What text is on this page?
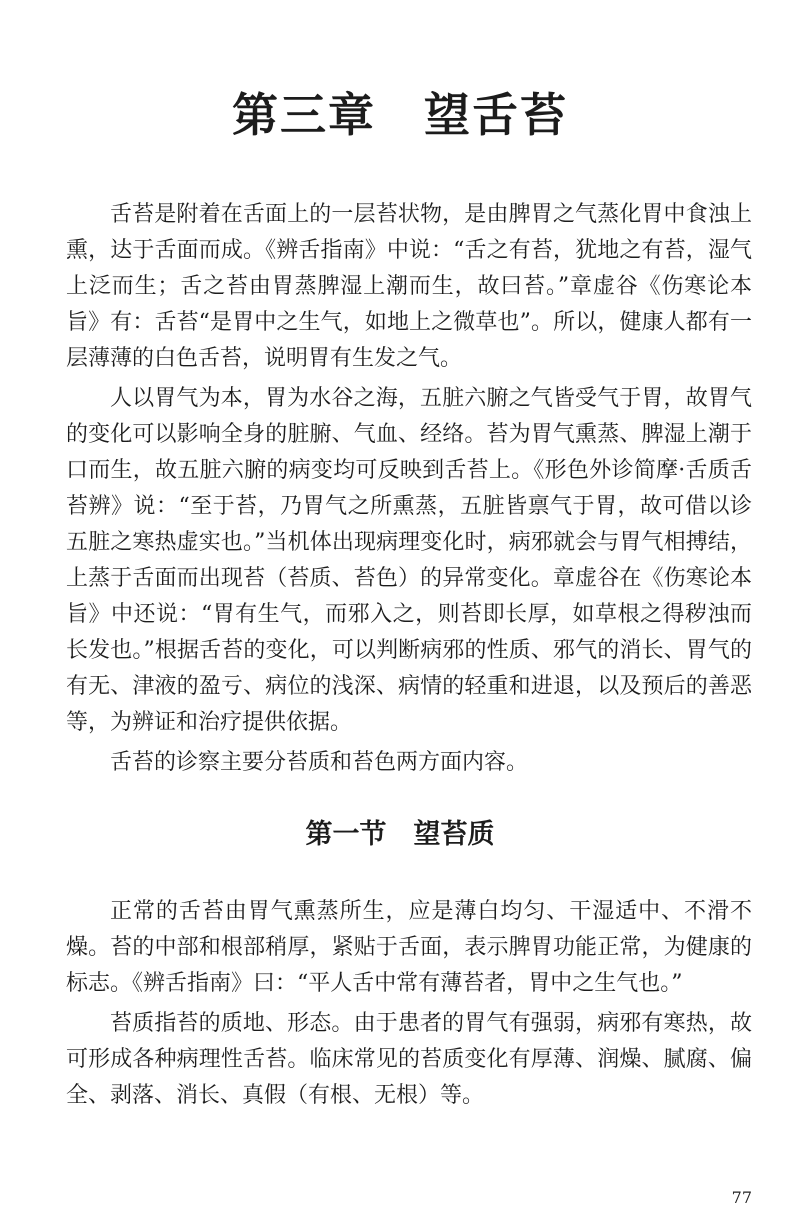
第三章　望舌苔

舌苔是附着在舌面上的一层苔状物，是由脾胃之气蒸化胃中食浊上熏，达于舌面而成。《辨舌指南》中说：“舌之有苔，犹地之有苔，湿气上泛而生；舌之苔由胃蒸脾湿上潮而生，故曰苔。”章虚谷《伤寒论本旨》有：舌苔“是胃中之生气，如地上之微草也”。所以，健康人都有一层薄薄的白色舌苔，说明胃有生发之气。

人以胃气为本，胃为水谷之海，五脏六腑之气皆受气于胃，故胃气的变化可以影响全身的脏腑、气血、经络。苔为胃气熏蒸、脾湿上潮于口而生，故五脏六腑的病变均可反映到舌苔上。《形色外诊简摩·舌质舌苔辨》说：“至于苔，乃胃气之所熏蒸，五脏皆禀气于胃，故可借以诊五脏之寒热虚实也。”当机体出现病理变化时，病邪就会与胃气相搏结，上蒸于舌面而出现苔（苔质、苔色）的异常变化。章虚谷在《伤寒论本旨》中还说：“胃有生气，而邪入之，则苔即长厚，如草根之得秽浊而长发也。”根据舌苔的变化，可以判断病邪的性质、邪气的消长、胃气的有无、津液的盈亏、病位的浅深、病情的轻重和进退，以及预后的善恶等，为辨证和治疗提供依据。

舌苔的诊察主要分苔质和苔色两方面内容。

第一节　望苔质

正常的舌苔由胃气熏蒸所生，应是薄白均匀、干湿适中、不滑不燥。苔的中部和根部稍厚，紧贴于舌面，表示脾胃功能正常，为健康的标志。《辨舌指南》曰：“平人舌中常有薄苔者，胃中之生气也。”

苔质指苔的质地、形态。由于患者的胃气有强弱，病邪有寒热，故可形成各种病理性舌苔。临床常见的苔质变化有厚薄、润燥、腻腐、偏全、剥落、消长、真假（有根、无根）等。

77
